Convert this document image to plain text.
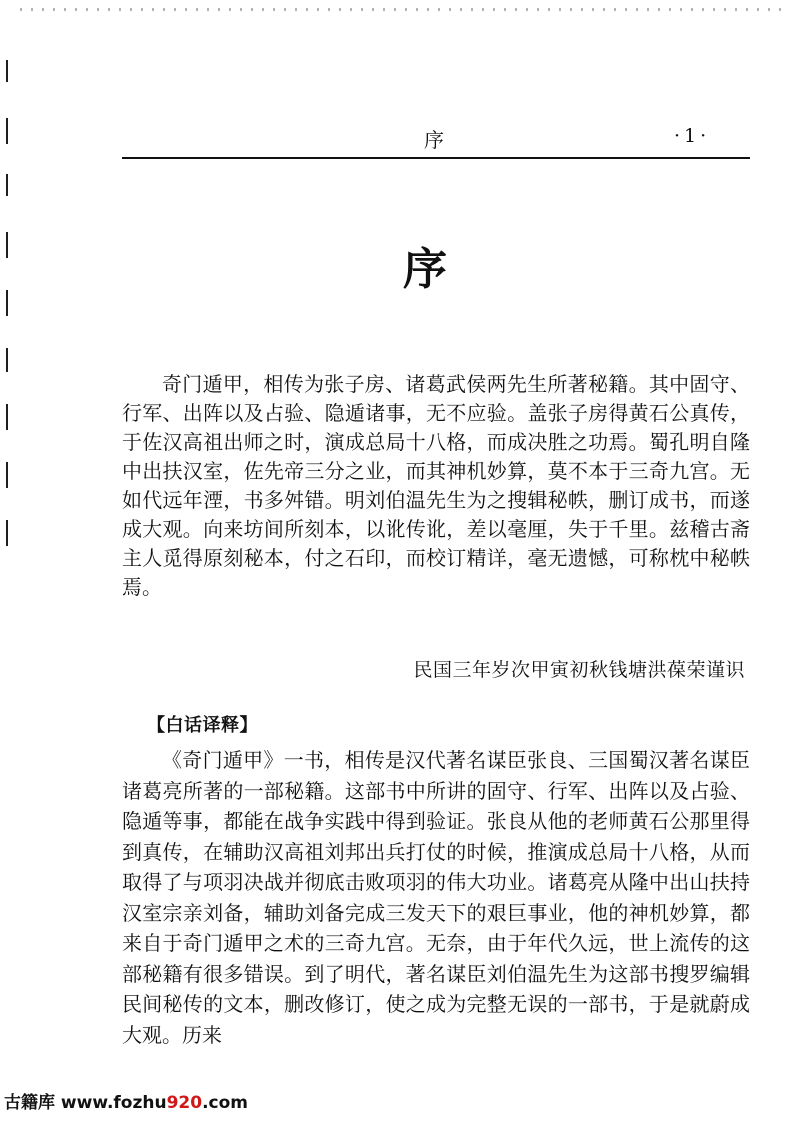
序	·1·
序

奇门遁甲，相传为张子房、诸葛武侯两先生所著秘籍。其中固守、行军、出阵以及占验、隐遁诸事，无不应验。盖张子房得黄石公真传，于佐汉高祖出师之时，演成总局十八格，而成决胜之功焉。蜀孔明自隆中出扶汉室，佐先帝三分之业，而其神机妙算，莫不本于三奇九宫。无如代远年湮，书多舛错。明刘伯温先生为之搜辑秘帙，删订成书，而遂成大观。向来坊间所刻本，以讹传讹，差以毫厘，失于千里。兹稽古斋主人觅得原刻秘本，付之石印，而校订精详，毫无遗憾，可称枕中秘帙焉。

民国三年岁次甲寅初秋钱塘洪葆荣谨识
【白话译释】

《奇门遁甲》一书，相传是汉代著名谋臣张良、三国蜀汉著名谋臣诸葛亮所著的一部秘籍。这部书中所讲的固守、行军、出阵以及占验、隐遁等事，都能在战争实践中得到验证。张良从他的老师黄石公那里得到真传，在辅助汉高祖刘邦出兵打仗的时候，推演成总局十八格，从而取得了与项羽决战并彻底击败项羽的伟大功业。诸葛亮从隆中出山扶持汉室宗亲刘备，辅助刘备完成三发天下的艰巨事业，他的神机妙算，都来自于奇门遁甲之术的三奇九宫。无奈，由于年代久远，世上流传的这部秘籍有很多错误。到了明代，著名谋臣刘伯温先生为这部书搜罗编辑民间秘传的文本，删改修订，使之成为完整无误的一部书，于是就蔚成大观。历来

古籍库 www.fozhu920.com
